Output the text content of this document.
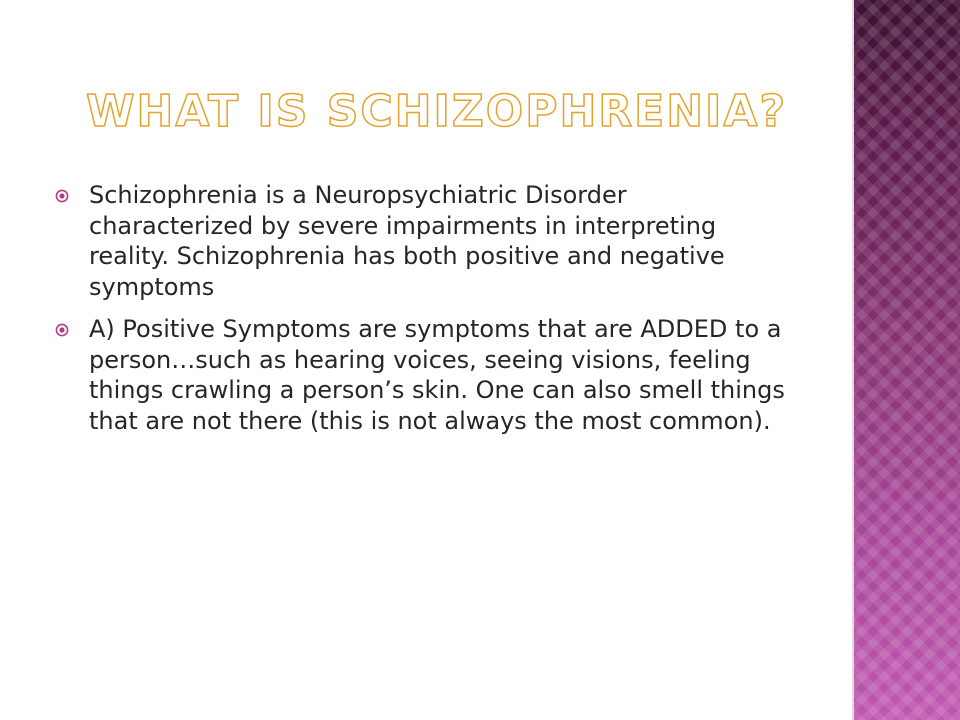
WHAT IS SCHIZOPHRENIA?
Schizophrenia is a Neuropsychiatric Disorder characterized by severe impairments in interpreting reality. Schizophrenia has both positive and negative symptoms
A) Positive Symptoms are symptoms that are ADDED to a person…such as hearing voices, seeing visions, feeling things crawling a person’s skin. One can also smell things that are not there (this is not always the most common).
